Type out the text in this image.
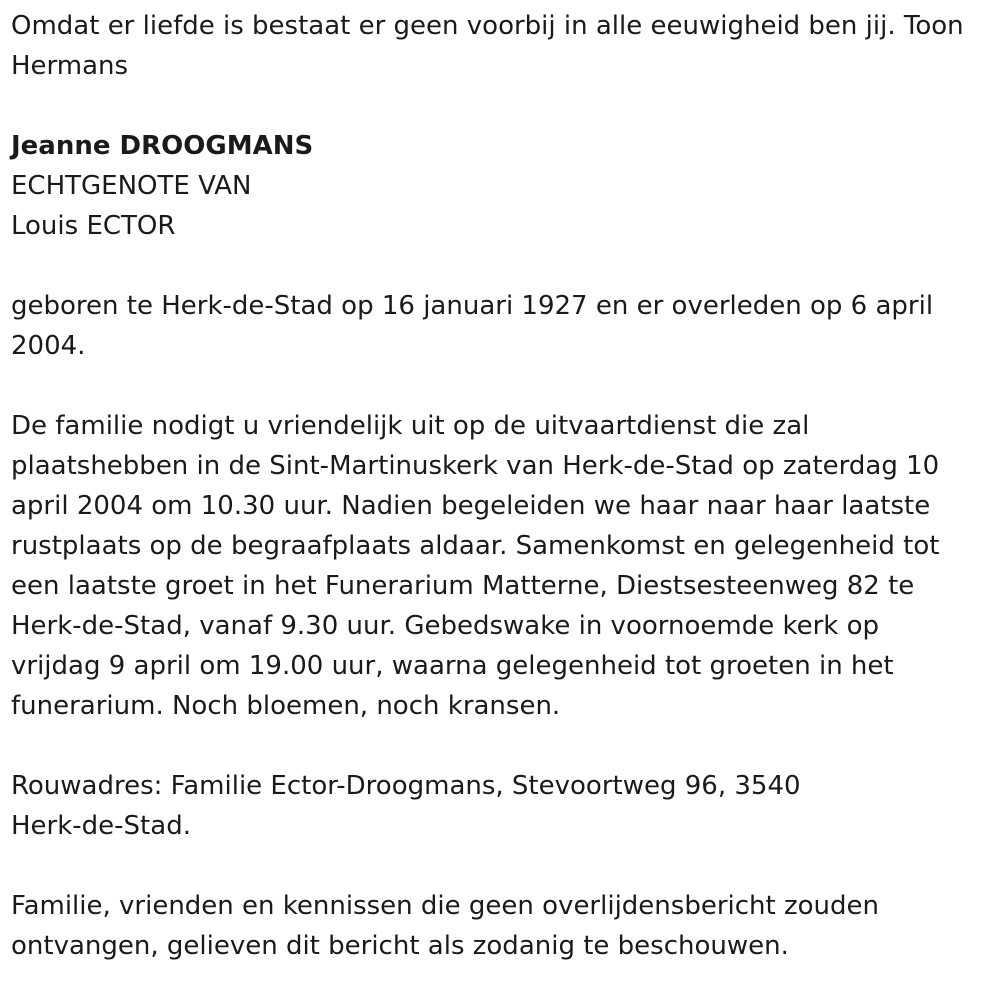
Omdat er liefde is bestaat er geen voorbij in alle eeuwigheid ben jij. Toon
Hermans

Jeanne DROOGMANS

ECHTGENOTE VAN

Louis ECTOR

geboren te Herk-de-Stad op 16 januari 1927 en er overleden op 6 april
2004.

De familie nodigt u vriendelijk uit op de uitvaartdienst die zal
plaatshebben in de Sint-Martinuskerk van Herk-de-Stad op zaterdag 10
april 2004 om 10.30 uur. Nadien begeleiden we haar naar haar laatste
rustplaats op de begraafplaats aldaar. Samenkomst en gelegenheid tot
een laatste groet in het Funerarium Matterne, Diestsesteenweg 82 te
Herk-de-Stad, vanaf 9.30 uur. Gebedswake in voornoemde kerk op
vrijdag 9 april om 19.00 uur, waarna gelegenheid tot groeten in het
funerarium. Noch bloemen, noch kransen.

Rouwadres: Familie Ector-Droogmans, Stevoortweg 96, 3540
Herk-de-Stad.

Familie, vrienden en kennissen die geen overlijdensbericht zouden
ontvangen, gelieven dit bericht als zodanig te beschouwen.
